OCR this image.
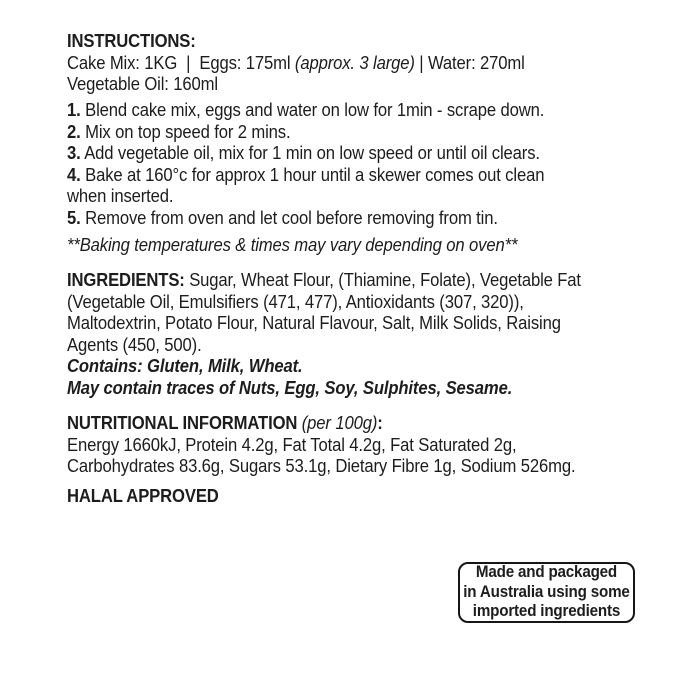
INSTRUCTIONS:
Cake Mix: 1KG  |  Eggs: 175ml (approx. 3 large) | Water: 270ml
Vegetable Oil: 160ml
1. Blend cake mix, eggs and water on low for 1min - scrape down.
2. Mix on top speed for 2 mins.
3. Add vegetable oil, mix for 1 min on low speed or until oil clears.
4. Bake at 160°c for approx 1 hour until a skewer comes out clean
when inserted.
5. Remove from oven and let cool before removing from tin.
**Baking temperatures & times may vary depending on oven**
INGREDIENTS: Sugar, Wheat Flour, (Thiamine, Folate), Vegetable Fat
(Vegetable Oil, Emulsifiers (471, 477), Antioxidants (307, 320)),
Maltodextrin, Potato Flour, Natural Flavour, Salt, Milk Solids, Raising
Agents (450, 500).
Contains: Gluten, Milk, Wheat.
May contain traces of Nuts, Egg, Soy, Sulphites, Sesame.
NUTRITIONAL INFORMATION (per 100g):
Energy 1660kJ, Protein 4.2g, Fat Total 4.2g, Fat Saturated 2g,
Carbohydrates 83.6g, Sugars 53.1g, Dietary Fibre 1g, Sodium 526mg.
HALAL APPROVED
Made and packaged
in Australia using some
imported ingredients
